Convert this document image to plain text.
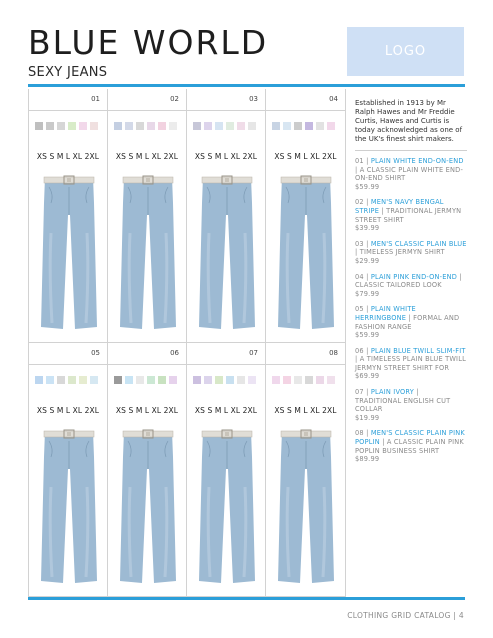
BLUE WORLD	LOGO
SEXY JEANS
01
XS S M L XL 2XL
02
XS S M L XL 2XL
03
XS S M L XL 2XL
04
XS S M L XL 2XL
05
XS S M L XL 2XL
06
XS S M L XL 2XL
07
XS S M L XL 2XL
08
XS S M L XL 2XL
Established in 1913 by Mr Ralph Hawes and Mr Freddie Curtis, Hawes and Curtis is today acknowledged as one of the UK's finest shirt makers.
01 | PLAIN WHITE END-ON-END | A CLASSIC PLAIN WHITE END-ON-END SHIRT
$59.99
02 | MEN'S NAVY BENGAL STRIPE | TRADITIONAL JERMYN STREET SHIRT
$39.99
03 | MEN'S CLASSIC PLAIN BLUE | TIMELESS JERMYN SHIRT
$29.99
04 | PLAIN PINK END-ON-END | CLASSIC TAILORED LOOK
$79.99
05 | PLAIN WHITE HERRINGBONE | FORMAL AND FASHION RANGE
$59.99
06 | PLAIN BLUE TWILL SLIM-FIT | A TIMELESS PLAIN BLUE TWILL JERMYN STREET SHIRT FOR
$69.99
07 | PLAIN IVORY | TRADITIONAL ENGLISH CUT COLLAR
$19.99
08 | MEN'S CLASSIC PLAIN PINK POPLIN | A CLASSIC PLAIN PINK POPLIN BUSINESS SHIRT
$89.99
CLOTHING GRID CATALOG | 4
